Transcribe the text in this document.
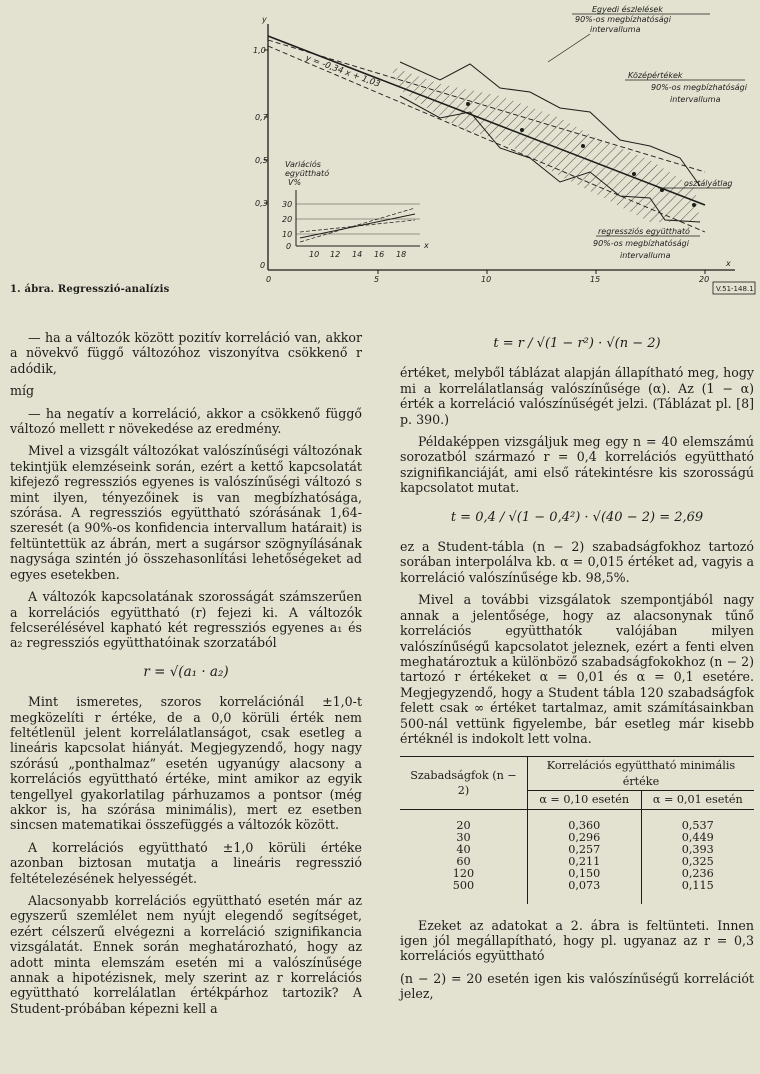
y
x
1,0
0,7
0,5
0,3
0
0	5	10	15	20
y = -0,34 x + 1,03
Egyedi észlelések
90%-os megbízhatósági
intervalluma
Középértékek
90%-os megbízhatósági
intervalluma
osztályátlag
regressziós együttható
90%-os megbízhatósági
intervalluma
Variációs
együttható
V%
30
20
10
0
10 12 14 16 18
x
V.51-148.1
1. ábra. Regresszió-analízis

— ha a változók között pozitív korreláció van, akkor a növekvő függő változóhoz viszonyítva csökkenő r adódik,

míg

— ha negatív a korreláció, akkor a csökkenő függő változó mellett r növekedése az eredmény.

Mivel a vizsgált változókat valószínűségi változónak tekintjük elemzéseink során, ezért a kettő kapcsolatát kifejező regressziós egyenes is valószínűségi változó s mint ilyen, tényezőinek is van megbízhatósága, szórása. A regressziós együttható szórásának 1,64-szeresét (a 90%-os konfidencia intervallum határait) is feltüntettük az ábrán, mert a sugársor szögnyílásának nagysága szintén jó összehasonlítási lehetőségeket ad egyes esetekben.

A változók kapcsolatának szorosságát számszerűen a korrelációs együttható (r) fejezi ki. A változók felcserélésével kapható két regressziós egyenes a₁ és a₂ regressziós együtthatóinak szorzatából

r = √(a₁ · a₂)

Mint ismeretes, szoros korrelációnál ±1,0-t megközelíti r értéke, de a 0,0 körüli érték nem feltétlenül jelent korrelálatlanságot, csak esetleg a lineáris kapcsolat hiányát. Megjegyzendő, hogy nagy szórású „ponthalmaz” esetén ugyanúgy alacsony a korrelációs együttható értéke, mint amikor az egyik tengellyel gyakorlatilag párhuzamos a pontsor (még akkor is, ha szórása minimális), mert ez esetben sincsen matematikai összefüggés a változók között.

A korrelációs együttható ±1,0 körüli értéke azonban biztosan mutatja a lineáris regresszió feltételezésének helyességét.

Alacsonyabb korrelációs együttható esetén már az egyszerű szemlélet nem nyújt elegendő segítséget, ezért célszerű elvégezni a korreláció szignifikancia vizsgálatát. Ennek során meghatározható, hogy az adott minta elemszám esetén mi a valószínűsége annak a hipotézisnek, mely szerint az r korrelációs együttható korrelálatlan értékpárhoz tartozik? A Student-próbában képezni kell a

t = r / √(1 − r²) · √(n − 2)

értéket, melyből táblázat alapján állapítható meg, hogy mi a korrelálatlanság valószínűsége (α). Az (1 − α) érték a korreláció valószínűségét jelzi. (Táblázat pl. [8] p. 390.)

Példaképpen vizsgáljuk meg egy n = 40 elemszámú sorozatból származó r = 0,4 korrelációs együttható szignifikanciáját, ami első rátekintésre kis szorosságú kapcsolatot mutat.

t = 0,4 / √(1 − 0,4²) · √(40 − 2) = 2,69

ez a Student-tábla (n − 2) szabadságfokhoz tartozó sorában interpolálva kb. α = 0,015 értéket ad, vagyis a korreláció valószínűsége kb. 98,5%.

Mivel a további vizsgálatok szempontjából nagy annak a jelentősége, hogy az alacsonynak tűnő korrelációs együtthatók valójában milyen valószínűségű kapcsolatot jeleznek, ezért a fenti elven meghatároztuk a különböző szabadságfokokhoz (n − 2) tartozó r értékeket α = 0,01 és α = 0,1 esetére. Megjegyzendő, hogy a Student tábla 120 szabadságfok felett csak ∞ értéket tartalmaz, amit számításainkban 500-nál vettünk figyelembe, bár esetleg már kisebb értéknél is indokolt lett volna.

Szabadságfok (n − 2)	Korrelációs együttható minimális értéke	
	α = 0,10 esetén	α = 0,01 esetén
20	0,360	0,537
30	0,296	0,449
40	0,257	0,393
60	0,211	0,325
120	0,150	0,236
500	0,073	0,115

Ezeket az adatokat a 2. ábra is feltünteti. Innen igen jól megállapítható, hogy pl. ugyanaz az r = 0,3 korrelációs együttható

(n − 2) = 20 esetén igen kis valószínűségű korrelációt jelez,
